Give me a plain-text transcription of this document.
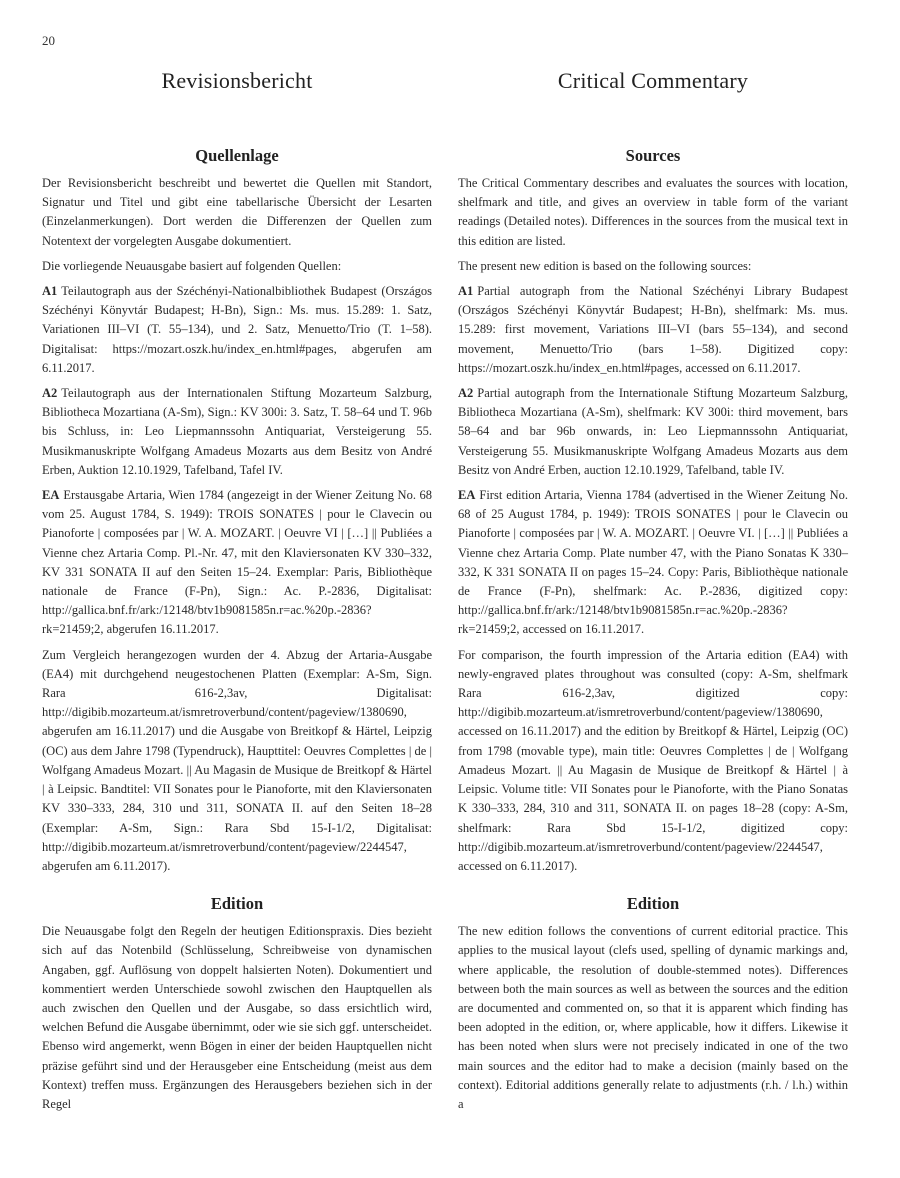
20
Revisionsbericht
Quellenlage

Der Revisionsbericht beschreibt und bewertet die Quellen mit Standort, Signatur und Titel und gibt eine tabellarische Übersicht der Lesarten (Einzelanmerkungen). Dort werden die Differenzen der Quellen zum Notentext der vorgelegten Ausgabe dokumentiert.

Die vorliegende Neuausgabe basiert auf folgenden Quellen:

A1 Teilautograph aus der Széchényi-Nationalbibliothek Budapest (Országos Széchényi Könyvtár Budapest; H-Bn), Sign.: Ms. mus. 15.289: 1. Satz, Variationen III–VI (T. 55–134), und 2. Satz, Menuetto/Trio (T. 1–58). Digitalisat: https://mozart.oszk.hu/index_en.html#pages, abgerufen am 6.11.2017.

A2 Teilautograph aus der Internationalen Stiftung Mozarteum Salzburg, Bibliotheca Mozartiana (A-Sm), Sign.: KV 300i: 3. Satz, T. 58–64 und T. 96b bis Schluss, in: Leo Liepmannssohn Antiquariat, Versteigerung 55. Musikmanuskripte Wolfgang Amadeus Mozarts aus dem Besitz von André Erben, Auktion 12.10.1929, Tafelband, Tafel IV.

EA Erstausgabe Artaria, Wien 1784 (angezeigt in der Wiener Zeitung No. 68 vom 25. August 1784, S. 1949): TROIS SONATES | pour le Clavecin ou Pianoforte | composées par | W. A. MOZART. | Oeuvre VI | […] || Publiées a Vienne chez Artaria Comp. Pl.-Nr. 47, mit den Klaviersonaten KV 330–332, KV 331 SONATA II auf den Seiten 15–24. Exemplar: Paris, Bibliothèque nationale de France (F-Pn), Sign.: Ac. P.-2836, Digitalisat: http://gallica.bnf.fr/ark:/12148/btv1b9081585n.r=ac.%20p.-2836?rk=21459;2, abgerufen 16.11.2017.

Zum Vergleich herangezogen wurden der 4. Abzug der Artaria-Ausgabe (EA4) mit durchgehend neugestochenen Platten (Exemplar: A-Sm, Sign. Rara 616-2,3av, Digitalisat: http://digibib.mozarteum.at/ismretroverbund/content/pageview/1380690, abgerufen am 16.11.2017) und die Ausgabe von Breitkopf & Härtel, Leipzig (OC) aus dem Jahre 1798 (Typendruck), Haupttitel: Oeuvres Complettes | de | Wolfgang Amadeus Mozart. || Au Magasin de Musique de Breitkopf & Härtel | à Leipsic. Bandtitel: VII Sonates pour le Pianoforte, mit den Klaviersonaten KV 330–333, 284, 310 und 311, SONATA II. auf den Seiten 18–28 (Exemplar: A-Sm, Sign.: Rara Sbd 15-I-1/2, Digitalisat: http://digibib.mozarteum.at/ismretroverbund/content/pageview/2244547, abgerufen am 6.11.2017).

Edition

Die Neuausgabe folgt den Regeln der heutigen Editionspraxis. Dies bezieht sich auf das Notenbild (Schlüsselung, Schreibweise von dynamischen Angaben, ggf. Auflösung von doppelt halsierten Noten). Dokumentiert und kommentiert werden Unterschiede sowohl zwischen den Hauptquellen als auch zwischen den Quellen und der Ausgabe, so dass ersichtlich wird, welchen Befund die Ausgabe übernimmt, oder wie sie sich ggf. unterscheidet. Ebenso wird angemerkt, wenn Bögen in einer der beiden Hauptquellen nicht präzise geführt sind und der Herausgeber eine Entscheidung (meist aus dem Kontext) treffen muss. Ergänzungen des Herausgebers beziehen sich in der Regel

Critical Commentary
Sources

The Critical Commentary describes and evaluates the sources with location, shelfmark and title, and gives an overview in table form of the variant readings (Detailed notes). Differences in the sources from the musical text in this edition are listed.

The present new edition is based on the following sources:

A1 Partial autograph from the National Széchényi Library Budapest (Országos Széchényi Könyvtár Budapest; H-Bn), shelfmark: Ms. mus. 15.289: first movement, Variations III–VI (bars 55–134), and second movement, Menuetto/Trio (bars 1–58). Digitized copy: https://mozart.oszk.hu/index_en.html#pages, accessed on 6.11.2017.

A2 Partial autograph from the Internationale Stiftung Mozarteum Salzburg, Bibliotheca Mozartiana (A-Sm), shelfmark: KV 300i: third movement, bars 58–64 and bar 96b onwards, in: Leo Liepmannssohn Antiquariat, Versteigerung 55. Musikmanuskripte Wolfgang Amadeus Mozarts aus dem Besitz von André Erben, auction 12.10.1929, Tafelband, table IV.

EA First edition Artaria, Vienna 1784 (advertised in the Wiener Zeitung No. 68 of 25 August 1784, p. 1949): TROIS SONATES | pour le Clavecin ou Pianoforte | composées par | W. A. MOZART. | Oeuvre VI. | […] || Publiées a Vienne chez Artaria Comp. Plate number 47, with the Piano Sonatas K 330–332, K 331 SONATA II on pages 15–24. Copy: Paris, Bibliothèque nationale de France (F-Pn), shelfmark: Ac. P.-2836, digitized copy: http://gallica.bnf.fr/ark:/12148/btv1b9081585n.r=ac.%20p.-2836?rk=21459;2, accessed on 16.11.2017.

For comparison, the fourth impression of the Artaria edition (EA4) with newly-engraved plates throughout was consulted (copy: A-Sm, shelfmark Rara 616-2,3av, digitized copy: http://digibib.mozarteum.at/ismretroverbund/content/pageview/1380690, accessed on 16.11.2017) and the edition by Breitkopf & Härtel, Leipzig (OC) from 1798 (movable type), main title: Oeuvres Complettes | de | Wolfgang Amadeus Mozart. || Au Magasin de Musique de Breitkopf & Härtel | à Leipsic. Volume title: VII Sonates pour le Pianoforte, with the Piano Sonatas K 330–333, 284, 310 and 311, SONATA II. on pages 18–28 (copy: A-Sm, shelfmark: Rara Sbd 15-I-1/2, digitized copy: http://digibib.mozarteum.at/ismretroverbund/content/pageview/2244547, accessed on 6.11.2017).

Edition

The new edition follows the conventions of current editorial practice. This applies to the musical layout (clefs used, spelling of dynamic markings and, where applicable, the resolution of double-stemmed notes). Differences between both the main sources as well as between the sources and the edition are documented and commented on, so that it is apparent which finding has been adopted in the edition, or, where applicable, how it differs. Likewise it has been noted when slurs were not precisely indicated in one of the two main sources and the editor had to make a decision (mainly based on the context). Editorial additions generally relate to adjustments (r.h. / l.h.) within a
